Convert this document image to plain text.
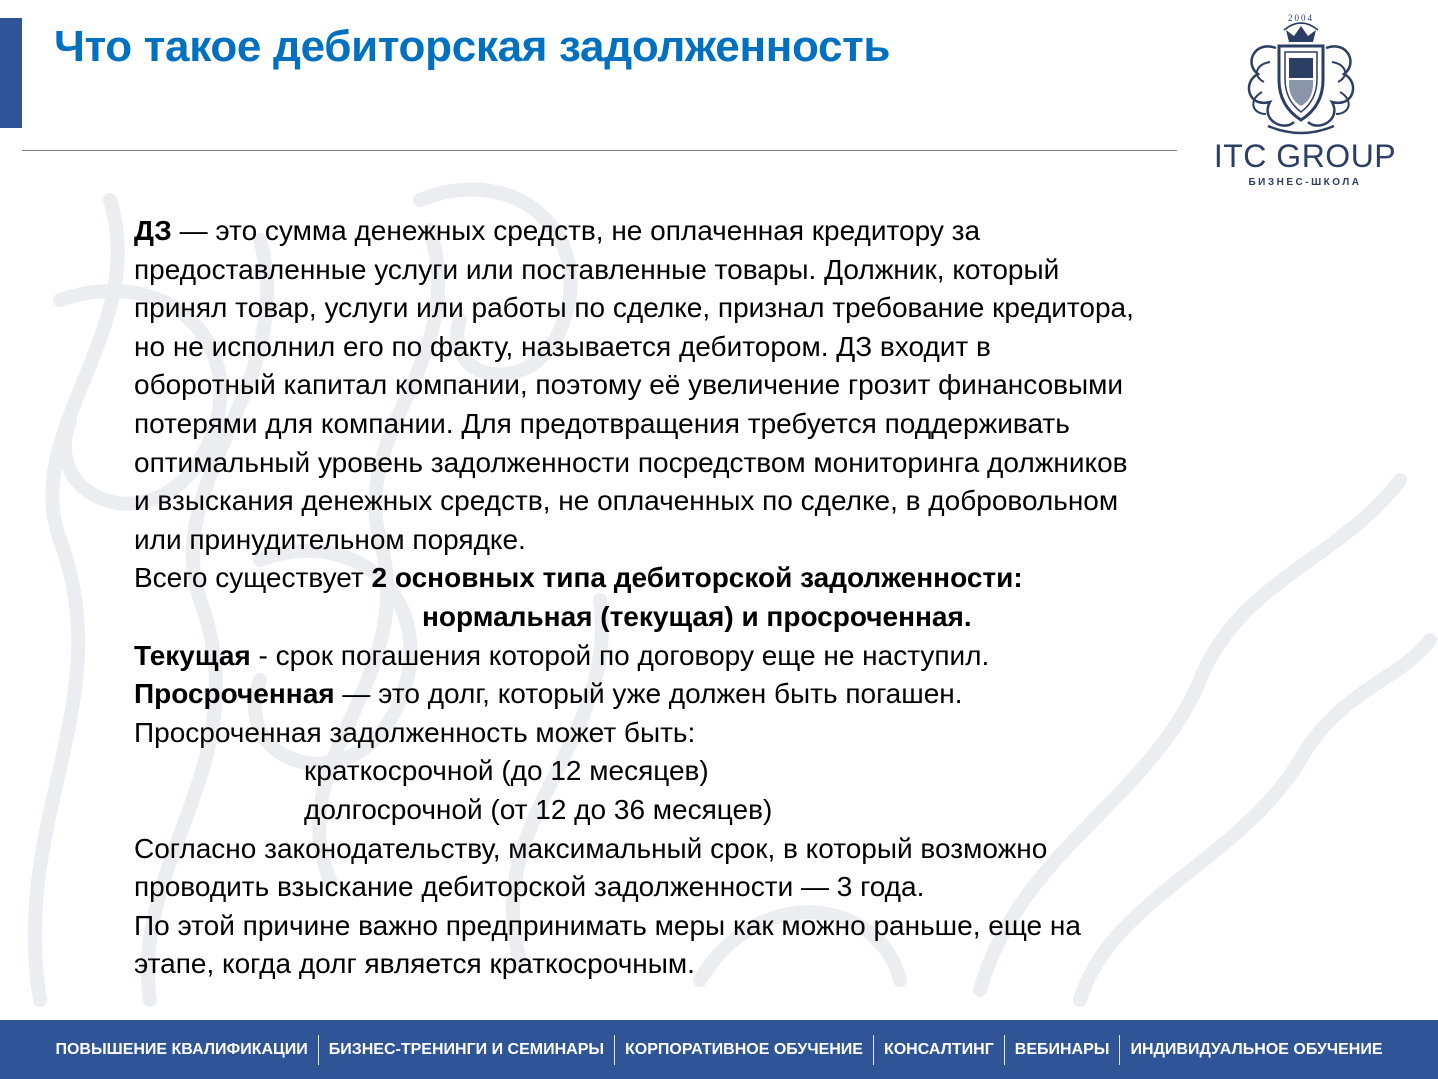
Что такое дебиторская задолженность
2004
ITC GROUP
БИЗНЕС-ШКОЛА

ДЗ — это сумма денежных средств, не оплаченная кредитору за

предоставленные услуги или поставленные товары. Должник, который

принял товар, услуги или работы по сделке, признал требование кредитора,

но не исполнил его по факту, называется дебитором. ДЗ входит в

оборотный капитал компании, поэтому её увеличение грозит финансовыми

потерями для компании. Для предотвращения требуется поддерживать

оптимальный уровень задолженности посредством мониторинга должников

и взыскания денежных средств, не оплаченных по сделке, в добровольном

или принудительном порядке.

Всего существует 2 основных типа дебиторской задолженности:

нормальная (текущая) и просроченная.

Текущая - срок погашения которой по договору еще не наступил.

Просроченная — это долг, который уже должен быть погашен.

Просроченная задолженность может быть:

краткосрочной (до 12 месяцев)

долгосрочной (от 12 до 36 месяцев)

Согласно законодательству, максимальный срок, в который возможно

проводить взыскание дебиторской задолженности — 3 года.

По этой причине важно предпринимать меры как можно раньше, еще на

этапе, когда долг является краткосрочным.

ПОВЫШЕНИЕ КВАЛИФИКАЦИИ	БИЗНЕС-ТРЕНИНГИ И СЕМИНАРЫ	КОРПОРАТИВНОЕ ОБУЧЕНИЕ	КОНСАЛТИНГ	ВЕБИНАРЫ	ИНДИВИДУАЛЬНОЕ ОБУЧЕНИЕ
